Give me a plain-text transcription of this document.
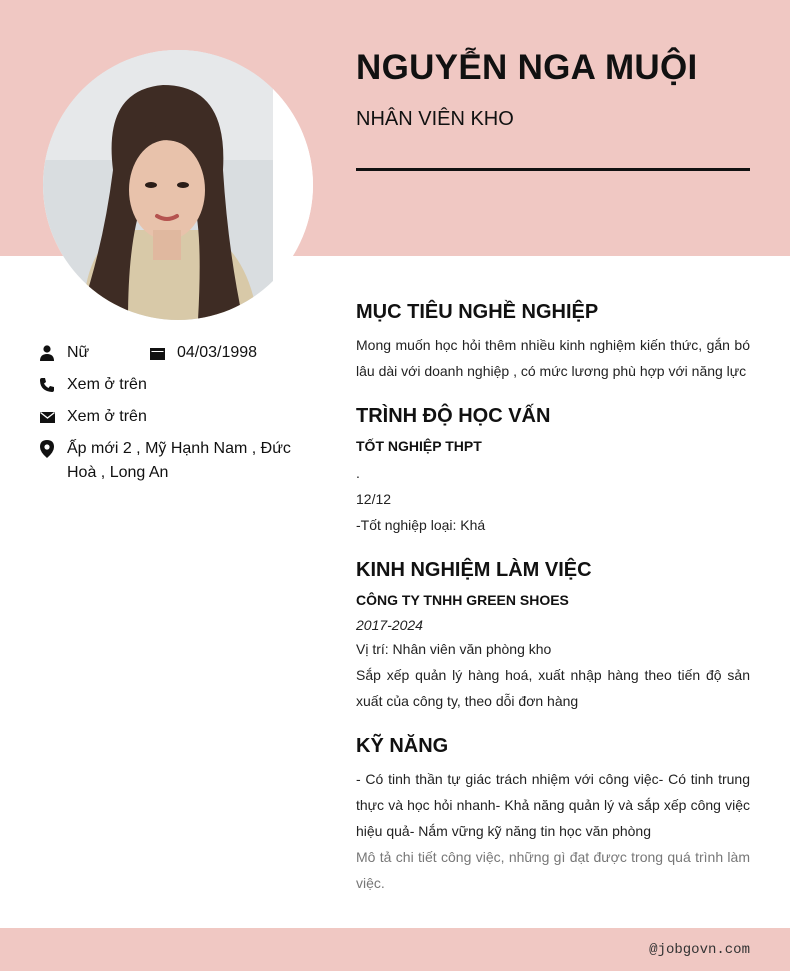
NGUYỄN NGA MUỘI
NHÂN VIÊN KHO
Nữ	04/03/1998
Xem ở trên
Xem ở trên
Ấp mới 2 , Mỹ Hạnh Nam , Đức Hoà , Long An
MỤC TIÊU NGHỀ NGHIỆP

Mong muốn học hỏi thêm nhiều kinh nghiệm kiến thức, gắn bó lâu dài với doanh nghiệp , có mức lương phù hợp với năng lực

TRÌNH ĐỘ HỌC VẤN
TỐT NGHIỆP THPT
.
12/12
-Tốt nghiệp loại: Khá
KINH NGHIỆM LÀM VIỆC
CÔNG TY TNHH GREEN SHOES
2017-2024
Vị trí: Nhân viên văn phòng kho

Sắp xếp quản lý hàng hoá, xuất nhập hàng theo tiến độ sản xuất của công ty, theo dỗi đơn hàng

KỸ NĂNG

- Có tinh thần tự giác trách nhiệm với công việc- Có tinh trung thực và học hỏi nhanh- Khả năng quản lý và sắp xếp công việc hiệu quả- Nắm vững kỹ năng tin học văn phòng

Mô tả chi tiết công việc, những gì đạt được trong quá trình làm việc.

@jobgovn.com
